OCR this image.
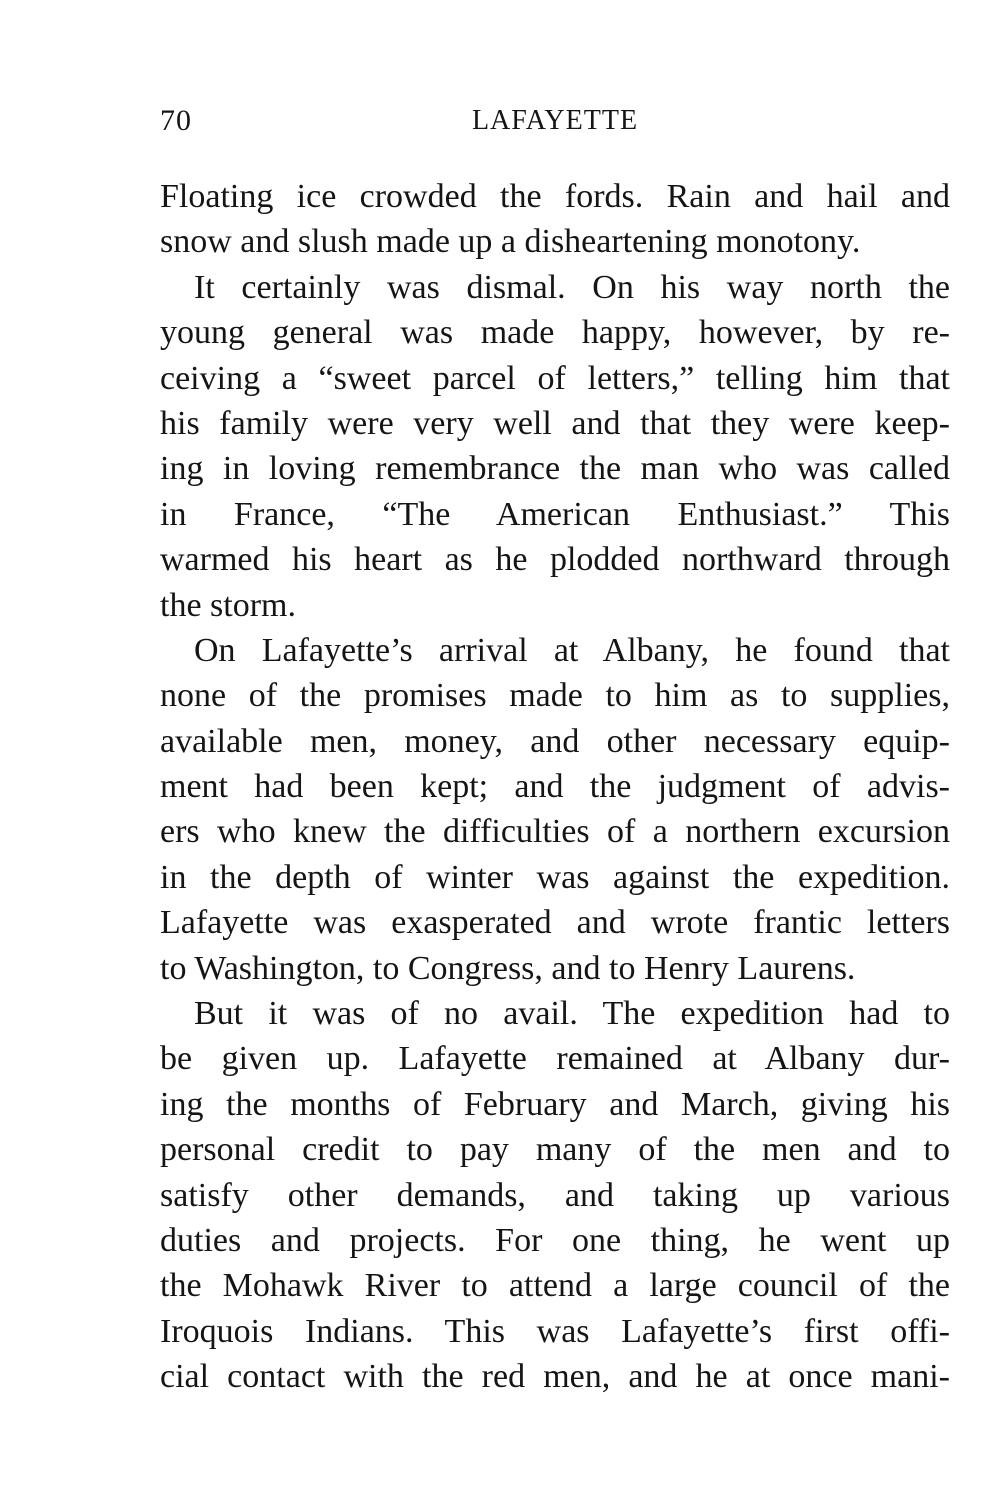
70	LAFAYETTE
Floating ice crowded the fords. Rain and hail and
snow and slush made up a disheartening monotony.
It certainly was dismal. On his way north the
young general was made happy, however, by re-
ceiving a “sweet parcel of letters,” telling him that
his family were very well and that they were keep-
ing in loving remembrance the man who was called
in France, “The American Enthusiast.” This
warmed his heart as he plodded northward through
the storm.
On Lafayette’s arrival at Albany, he found that
none of the promises made to him as to supplies,
available men, money, and other necessary equip-
ment had been kept; and the judgment of advis-
ers who knew the difficulties of a northern excursion
in the depth of winter was against the expedition.
Lafayette was exasperated and wrote frantic letters
to Washington, to Congress, and to Henry Laurens.
But it was of no avail. The expedition had to
be given up. Lafayette remained at Albany dur-
ing the months of February and March, giving his
personal credit to pay many of the men and to
satisfy other demands, and taking up various
duties and projects. For one thing, he went up
the Mohawk River to attend a large council of the
Iroquois Indians. This was Lafayette’s first offi-
cial contact with the red men, and he at once mani-
